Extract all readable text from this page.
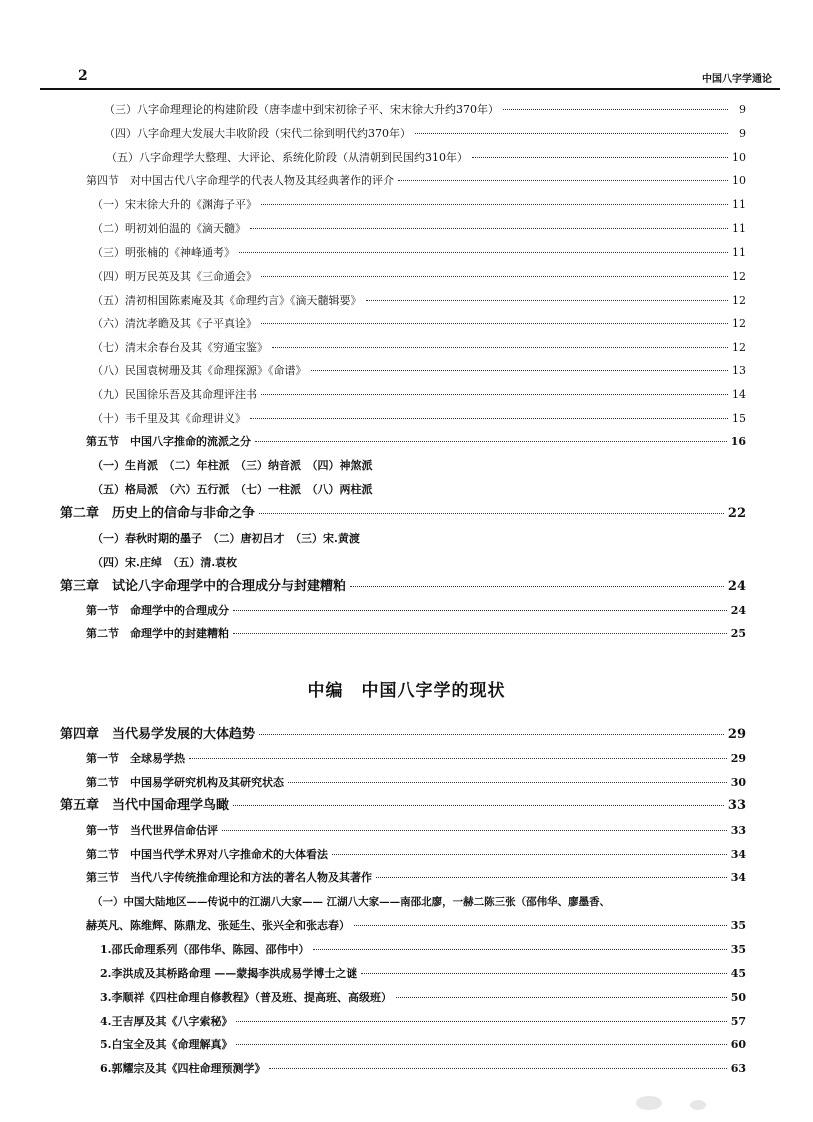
2	中国八字学通论
（三）八字命理理论的构建阶段（唐李虚中到宋初徐子平、宋末徐大升约370年）	9
（四）八字命理大发展大丰收阶段（宋代二徐到明代约370年）	9
（五）八字命理学大整理、大评论、系统化阶段（从清朝到民国约310年）	10
第四节　对中国古代八字命理学的代表人物及其经典著作的评介	10
（一）宋末徐大升的《渊海子平》	11
（二）明初刘伯温的《滴天髓》	11
（三）明张楠的《神峰通考》	11
（四）明万民英及其《三命通会》	12
（五）清初相国陈素庵及其《命理约言》《滴天髓辑要》	12
（六）清沈孝瞻及其《子平真诠》	12
（七）清末余春台及其《穷通宝鉴》	12
（八）民国袁树珊及其《命理探源》《命谱》	13
（九）民国徐乐吾及其命理评注书	14
（十）韦千里及其《命理讲义》	15
第五节　中国八字推命的流派之分	16
（一）生肖派　（二）年柱派　（三）纳音派　（四）神煞派
（五）格局派　（六）五行派　（七）一柱派　（八）两柱派
第二章　历史上的信命与非命之争	22
（一）春秋时期的墨子　（二）唐初吕才　（三）宋.黄渡
（四）宋.庄绰　（五）清.袁枚
第三章　试论八字命理学中的合理成分与封建糟粕	24
第一节　命理学中的合理成分	24
第二节　命理学中的封建糟粕	25
中编　中国八字学的现状
第四章　当代易学发展的大体趋势	29
第一节　全球易学热	29
第二节　中国易学研究机构及其研究状态	30
第五章　当代中国命理学鸟瞰	33
第一节　当代世界信命估评	33
第二节　中国当代学术界对八字推命术的大体看法	34
第三节　当代八字传统推命理论和方法的著名人物及其著作	34
（一）中国大陆地区——传说中的江湖八大家—— 江湖八大家——南邵北廖，一赫二陈三张（邵伟华、廖墨香、
赫英凡、陈维辉、陈鼎龙、张延生、张兴全和张志春）	35
1.邵氏命理系列（邵伟华、陈园、邵伟中）	35
2.李洪成及其桥路命理 ——蒙揭李洪成易学博士之谜	45
3.李顺祥《四柱命理自修教程》（普及班、提高班、高级班）	50
4.王吉厚及其《八字索秘》	57
5.白宝全及其《命理解真》	60
6.郭耀宗及其《四柱命理预测学》	63
